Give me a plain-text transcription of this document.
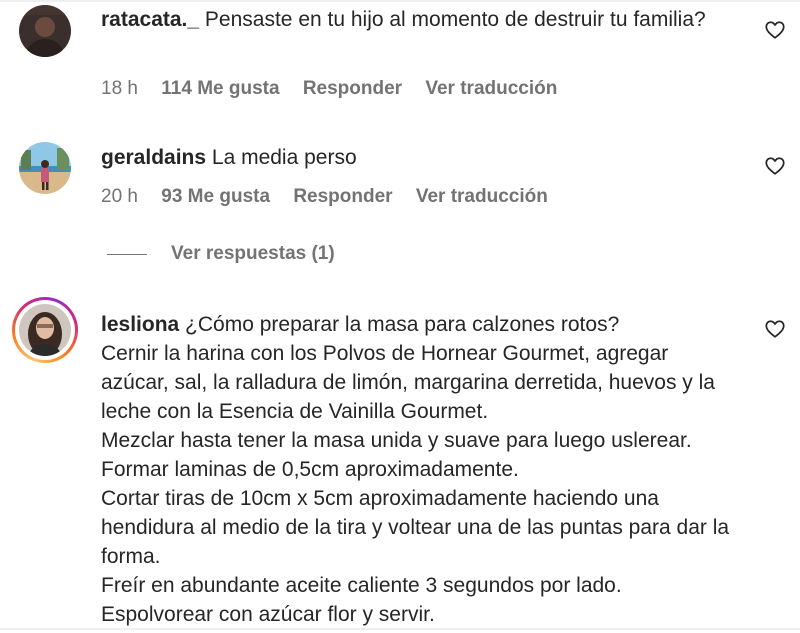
ratacata._ Pensaste en tu hijo al momento de destruir tu familia?
18 h 114 Me gusta Responder Ver traducción
geraldains La media perso
20 h 93 Me gusta Responder Ver traducción
Ver respuestas (1)
lesliona ¿Cómo preparar la masa para calzones rotos?
Cernir la harina con los Polvos de Hornear Gourmet, agregar azúcar, sal, la ralladura de limón, margarina derretida, huevos y la leche con la Esencia de Vainilla Gourmet.
Mezclar hasta tener la masa unida y suave para luego uslerear. Formar laminas de 0,5cm aproximadamente.
Cortar tiras de 10cm x 5cm aproximadamente haciendo una hendidura al medio de la tira y voltear una de las puntas para dar la forma.
Freír en abundante aceite caliente 3 segundos por lado.
Espolvorear con azúcar flor y servir.
